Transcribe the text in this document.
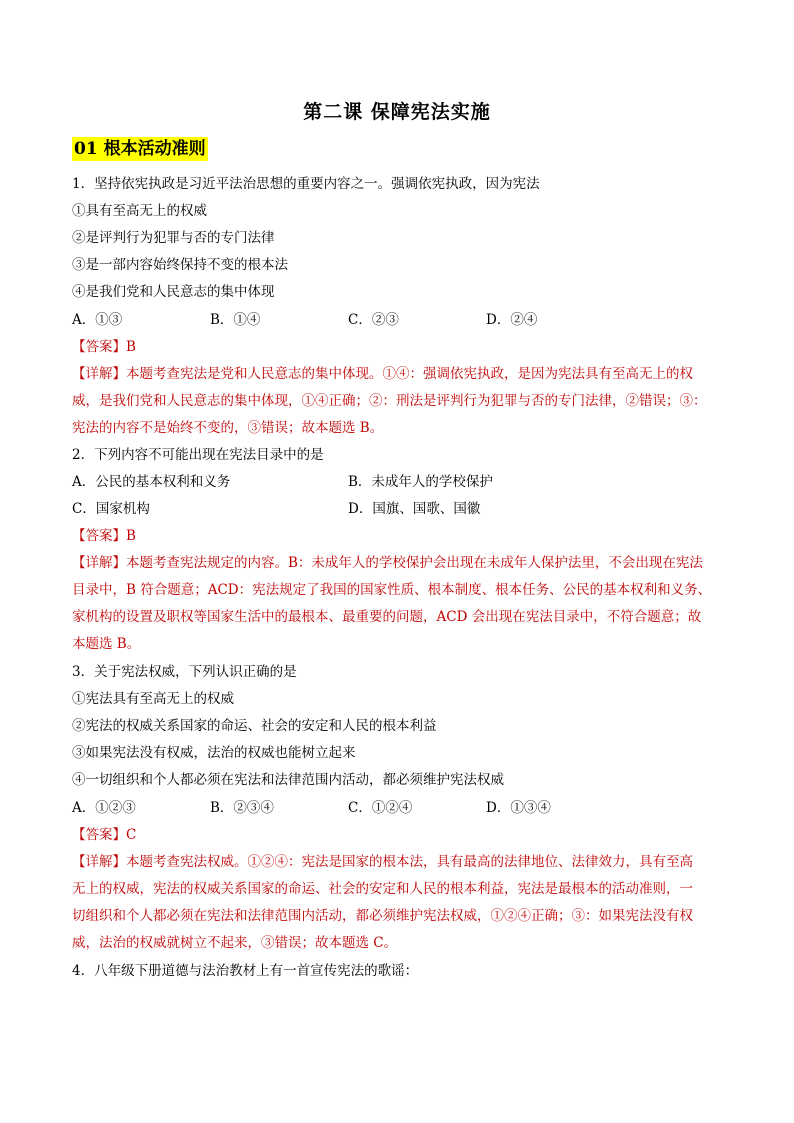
第二课 保障宪法实施
01 根本活动准则
1．坚持依宪执政是习近平法治思想的重要内容之一。强调依宪执政，因为宪法
①具有至高无上的权威
②是评判行为犯罪与否的专门法律
③是一部内容始终保持不变的根本法
④是我们党和人民意志的集中体现
A．①③	B．①④	C．②③	D．②④
【答案】B
【详解】本题考查宪法是党和人民意志的集中体现。①④：强调依宪执政，是因为宪法具有至高无上的权
威，是我们党和人民意志的集中体现，①④正确；②：刑法是评判行为犯罪与否的专门法律，②错误；③：
宪法的内容不是始终不变的，③错误；故本题选 B。
2．下列内容不可能出现在宪法目录中的是
A．公民的基本权利和义务	B．未成年人的学校保护
C．国家机构	D．国旗、国歌、国徽
【答案】B
【详解】本题考查宪法规定的内容。B：未成年人的学校保护会出现在未成年人保护法里，不会出现在宪法
目录中，B 符合题意；ACD：宪法规定了我国的国家性质、根本制度、根本任务、公民的基本权利和义务、
家机构的设置及职权等国家生活中的最根本、最重要的问题，ACD 会出现在宪法目录中，不符合题意；故
本题选 B。
3．关于宪法权威，下列认识正确的是
①宪法具有至高无上的权威
②宪法的权威关系国家的命运、社会的安定和人民的根本利益
③如果宪法没有权威，法治的权威也能树立起来
④一切组织和个人都必须在宪法和法律范围内活动，都必须维护宪法权威
A．①②③	B．②③④	C．①②④	D．①③④
【答案】C
【详解】本题考查宪法权威。①②④：宪法是国家的根本法，具有最高的法律地位、法律效力，具有至高
无上的权威，宪法的权威关系国家的命运、社会的安定和人民的根本利益，宪法是最根本的活动准则，一
切组织和个人都必须在宪法和法律范围内活动，都必须维护宪法权威，①②④正确；③：如果宪法没有权
威，法治的权威就树立不起来，③错误；故本题选 C。
4．八年级下册道德与法治教材上有一首宣传宪法的歌谣：
